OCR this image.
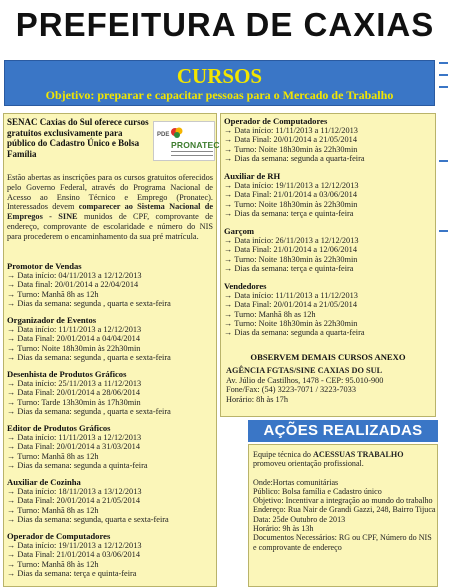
PREFEITURA DE CAXIAS
CURSOS
Objetivo: preparar e capacitar pessoas para o Mercado de Trabalho
SENAC Caxias do Sul oferece cursos gratuitos exclusivamente para público do Cadastro Único e Bolsa Família
PDE
PRONATEC
Estão abertas as inscrições para os cursos gratuitos oferecidos pelo Governo Federal, através do Programa Nacional de Acesso ao Ensino Técnico e Emprego (Pronatec). Interessados devem comparecer ao Sistema Nacional de Empregos - SINE munidos de CPF, comprovante de endereço, comprovante de escolaridade e número do NIS para procederem o encaminhamento da sua pré matrícula.
Promotor de Vendas
→ Data início: 04/11/2013 a 12/12/2013
→ Data final: 20/01/2014 a 22/04/2014
→ Turno: Manhã 8h as 12h
→ Dias da semana: segunda , quarta e sexta-feira
Organizador de Eventos
→ Data início: 11/11/2013 a 12/12/2013
→ Data Final: 20/01/2014 a 04/04/2014
→ Turno: Noite 18h30min às 22h30min
→ Dias da semana: segunda , quarta e sexta-feira
Desenhista de Produtos Gráficos
→ Data início: 25/11/2013 a 11/12/2013
→ Data Final: 20/01/2014 a 28/06/2014
→ Turno: Tarde 13h30min às 17h30min
→ Dias da semana: segunda , quarta e sexta-feira
Editor de Produtos Gráficos
→ Data início: 11/11/2013 a 12/12/2013
→ Data Final: 20/01/2014 a 31/03/2014
→ Turno: Manhã 8h as 12h
→ Dias da semana: segunda a quinta-feira
Auxiliar de Cozinha
→ Data início: 18/11/2013 a 13/12/2013
→ Data Final: 20/01/2014 a 21/05/2014
→ Turno: Manhã 8h as 12h
→ Dias da semana: segunda, quarta e sexta-feira
Operador de Computadores
→ Data início: 19/11/2013 a 12/12/2013
→ Data Final: 21/01/2014 a 03/06/2014
→ Turno: Manhã 8h às 12h
→ Dias da semana: terça e quinta-feira
Operador de Computadores
→ Data início: 11/11/2013 a 11/12/2013
→ Data Final: 20/01/2014 a 21/05/2014
→ Turno: Noite 18h30min às 22h30min
→ Dias da semana: segunda a quarta-feira
Auxiliar de RH
→ Data início: 19/11/2013 a 12/12/2013
→ Data Final: 21/01/2014 a 03/06/2014
→ Turno: Noite 18h30min às 22h30min
→ Dias da semana: terça e quinta-feira
Garçom
→ Data início: 26/11/2013 a 12/12/2013
→ Data Final: 21/01/2014 a 12/06/2014
→ Turno: Noite 18h30min às 22h30min
→ Dias da semana: terça e quinta-feira
Vendedores
→ Data início: 11/11/2013 a 11/12/2013
→ Data Final: 20/01/2014 a 21/05/2014
→ Turno: Manhã 8h as 12h
→ Turno: Noite 18h30min às 22h30min
→ Dias da semana: segunda a quarta-feira
OBSERVEM DEMAIS CURSOS ANEXO
AGÊNCIA FGTAS/SINE CAXIAS DO SUL
Av. Júlio de Castilhos, 1478 - CEP: 95.010-900
Fone/Fax: (54) 3223-7071 / 3223-7033
Horário: 8h às 17h
AÇÕES REALIZADAS
Equipe técnica do ACESSUAS TRABALHO promoveu orientação profissional.
Onde:Hortas comunitárias
Público: Bolsa família e Cadastro único
Objetivo: Incentivar a integração ao mundo do trabalho
Endereço: Rua Nair de Grandi Gazzi, 248, Bairro Tijuca
Data: 25de Outubro de 2013
Horário: 9h às 13h
Documentos Necessários: RG ou CPF, Número do NIS e comprovante de endereço
